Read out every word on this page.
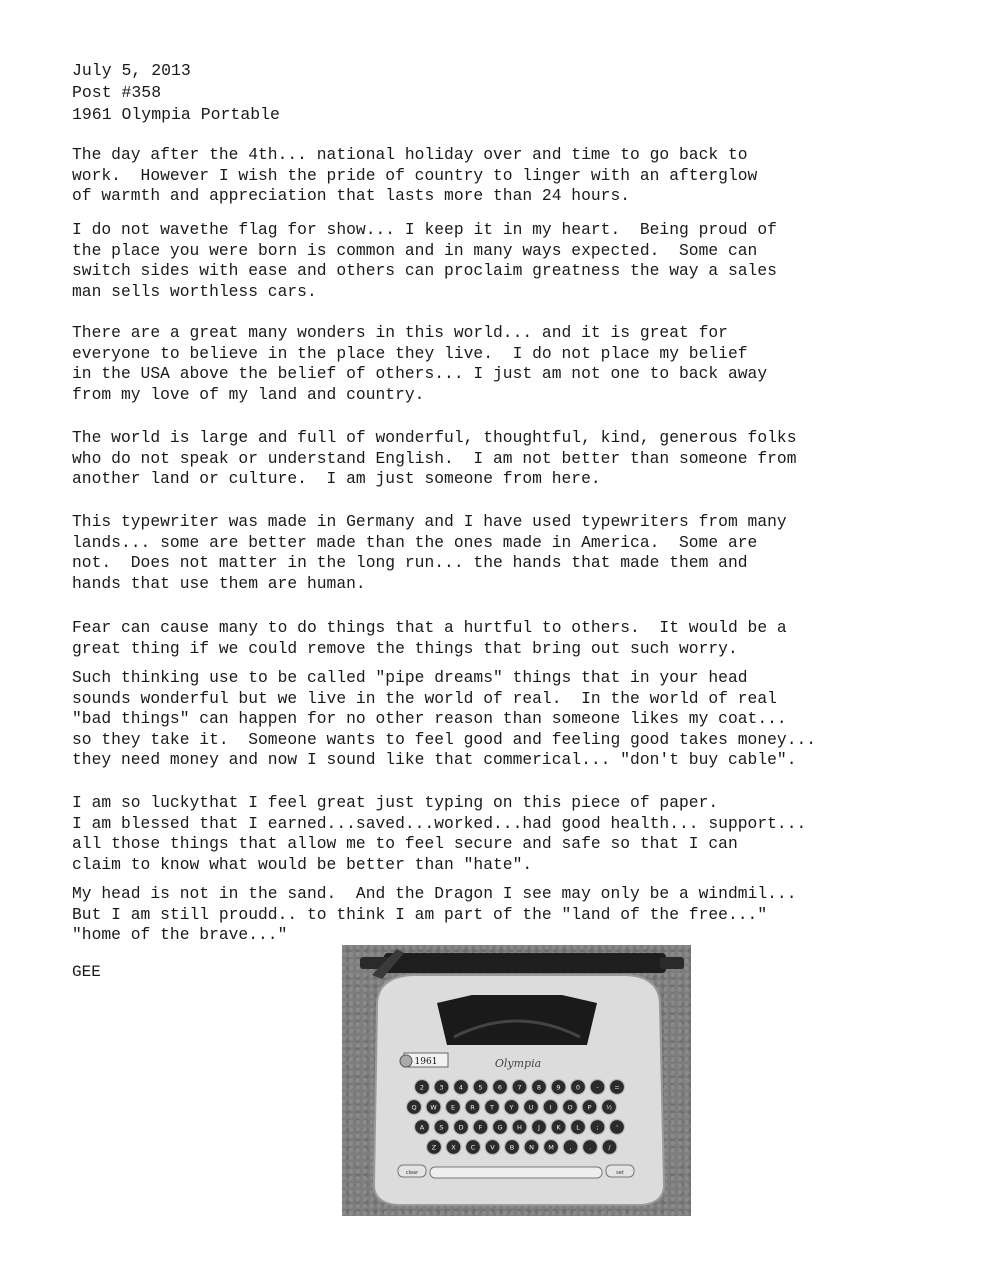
July 5, 2013
Post #358
1961 Olympia Portable
The day after the 4th... national holiday over and time to go back to
work.  However I wish the pride of country to linger with an afterglow
of warmth and appreciation that lasts more than 24 hours.
I do not wavethe flag for show... I keep it in my heart.  Being proud of
the place you were born is common and in many ways expected.  Some can
switch sides with ease and others can proclaim greatness the way a sales
man sells worthless cars.
There are a great many wonders in this world... and it is great for
everyone to believe in the place they live.  I do not place my belief
in the USA above the belief of others... I just am not one to back away
from my love of my land and country.
The world is large and full of wonderful, thoughtful, kind, generous folks
who do not speak or understand English.  I am not better than someone from
another land or culture.  I am just someone from here.
This typewriter was made in Germany and I have used typewriters from many
lands... some are better made than the ones made in America.  Some are
not.  Does not matter in the long run... the hands that made them and
hands that use them are human.
Fear can cause many to do things that a hurtful to others.  It would be a
great thing if we could remove the things that bring out such worry.
Such thinking use to be called "pipe dreams" things that in your head
sounds wonderful but we live in the world of real.  In the world of real
"bad things" can happen for no other reason than someone likes my coat...
so they take it.  Someone wants to feel good and feeling good takes money...
they need money and now I sound like that commerical... "don't buy cable".
I am so luckythat I feel great just typing on this piece of paper.
I am blessed that I earned...saved...worked...had good health... support...
all those things that allow me to feel secure and safe so that I can
claim to know what would be better than "hate".
My head is not in the sand.  And the Dragon I see may only be a windmil...
But I am still proudd.. to think I am part of the "land of the free..."
"home of the brave..."
GEE
1961	Olympia
2 3 4 5 6 7 8 9 0	- =
Q W E R T Y U I O P ½
A S D F G H J	K L	;	'
Z X C V B N M ,	.	/
clear	set
